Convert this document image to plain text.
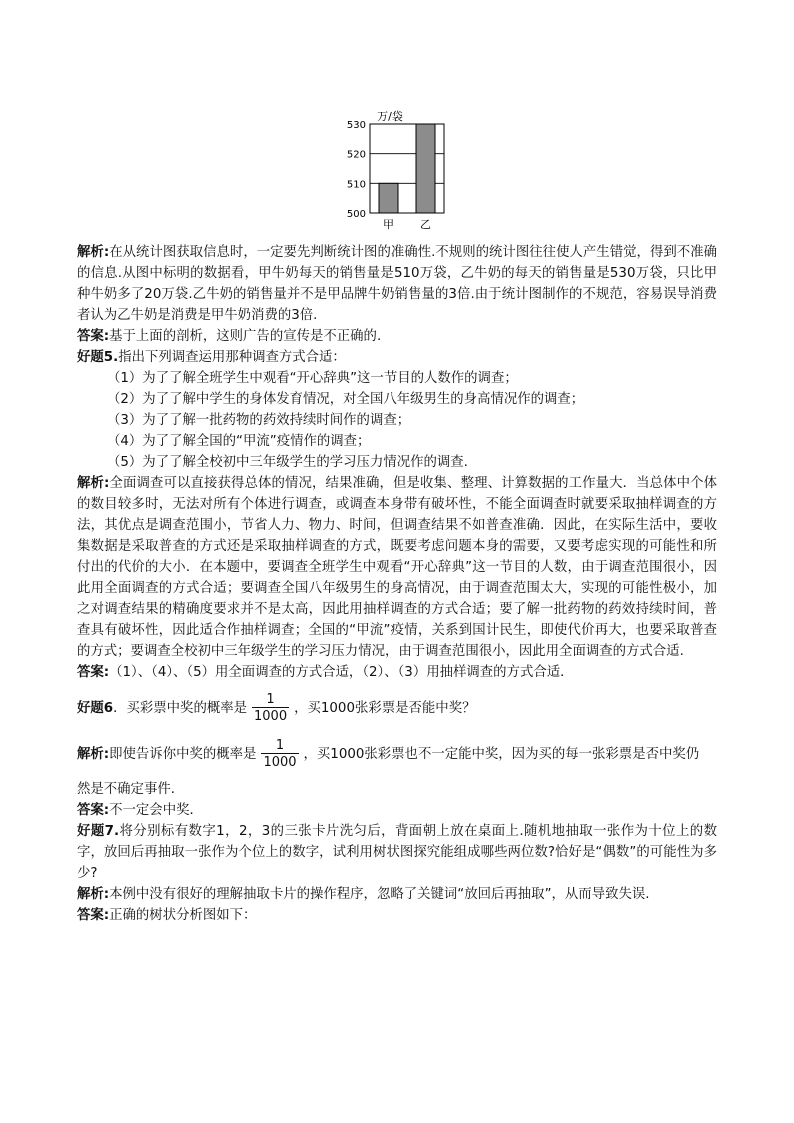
万/袋
530
520
510
500
甲 乙

解析:在从统计图获取信息时，一定要先判断统计图的准确性.不规则的统计图往往使人产生错觉，得到不准确的信息.从图中标明的数据看，甲牛奶每天的销售量是510万袋，乙牛奶的每天的销售量是530万袋，只比甲种牛奶多了20万袋.乙牛奶的销售量并不是甲品牌牛奶销售量的3倍.由于统计图制作的不规范，容易误导消费者认为乙牛奶是消费是甲牛奶消费的3倍.

答案:基于上面的剖析，这则广告的宣传是不正确的.

好题5.指出下列调查运用那种调查方式合适：

（1）为了了解全班学生中观看“开心辞典”这一节目的人数作的调查；

（2）为了了解中学生的身体发育情况，对全国八年级男生的身高情况作的调查；

（3）为了了解一批药物的药效持续时间作的调查；

（4）为了了解全国的“甲流”疫情作的调查；

（5）为了了解全校初中三年级学生的学习压力情况作的调查.

解析:全面调查可以直接获得总体的情况，结果准确，但是收集、整理、计算数据的工作量大．当总体中个体的数目较多时，无法对所有个体进行调查，或调查本身带有破坏性，不能全面调查时就要采取抽样调查的方法，其优点是调查范围小，节省人力、物力、时间，但调查结果不如普查准确．因此，在实际生活中，要收集数据是采取普查的方式还是采取抽样调查的方式，既要考虑问题本身的需要，又要考虑实现的可能性和所付出的代价的大小．在本题中，要调查全班学生中观看“开心辞典”这一节目的人数，由于调查范围很小，因此用全面调查的方式合适；要调查全国八年级男生的身高情况，由于调查范围太大，实现的可能性极小，加之对调查结果的精确度要求并不是太高，因此用抽样调查的方式合适；要了解一批药物的药效持续时间，普查具有破坏性，因此适合作抽样调查；全国的“甲流”疫情，关系到国计民生，即使代价再大，也要采取普查的方式；要调查全校初中三年级学生的学习压力情况，由于调查范围很小，因此用全面调查的方式合适.

答案:（1）、（4）、（5）用全面调查的方式合适，（2）、（3）用抽样调查的方式合适．

好题6 ．买彩票中奖的概率是 $\frac{1}{1000}$ ，买1000张彩票是否能中奖？
解析: 即使告诉你中奖的概率是 $\frac{1}{1000}$ ，买1000张彩票也不一定能中奖，因为买的每一张彩票是否中奖仍

然是不确定事件．

答案:不一定会中奖．

好题7.将分别标有数字1，2，3的三张卡片洗匀后，背面朝上放在桌面上.随机地抽取一张作为十位上的数字，放回后再抽取一张作为个位上的数字，试利用树状图探究能组成哪些两位数?恰好是“偶数”的可能性为多少?

解析:本例中没有很好的理解抽取卡片的操作程序，忽略了关键词“放回后再抽取”，从而导致失误.

答案:正确的树状分析图如下：
